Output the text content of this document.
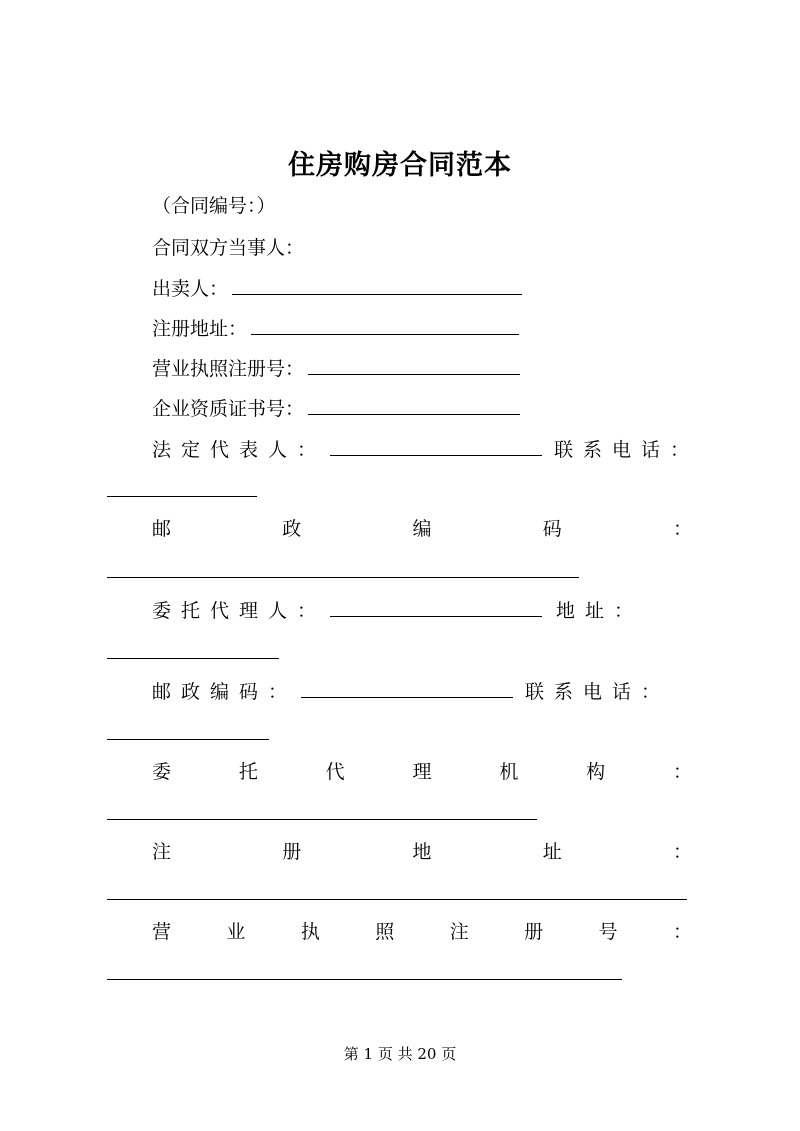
住房购房合同范本
（合同编号：）
合同双方当事人：
出卖人：
注册地址：
营业执照注册号：
企业资质证书号：
法定代表人：	联系电话：
邮	政	编	码	：
委托代理人：	地址：
邮政编码：	联系电话：
委	托	代	理	机	构	：
注	册	地	址	：
营	业	执	照	注	册	号	：
第 1 页 共 20 页
